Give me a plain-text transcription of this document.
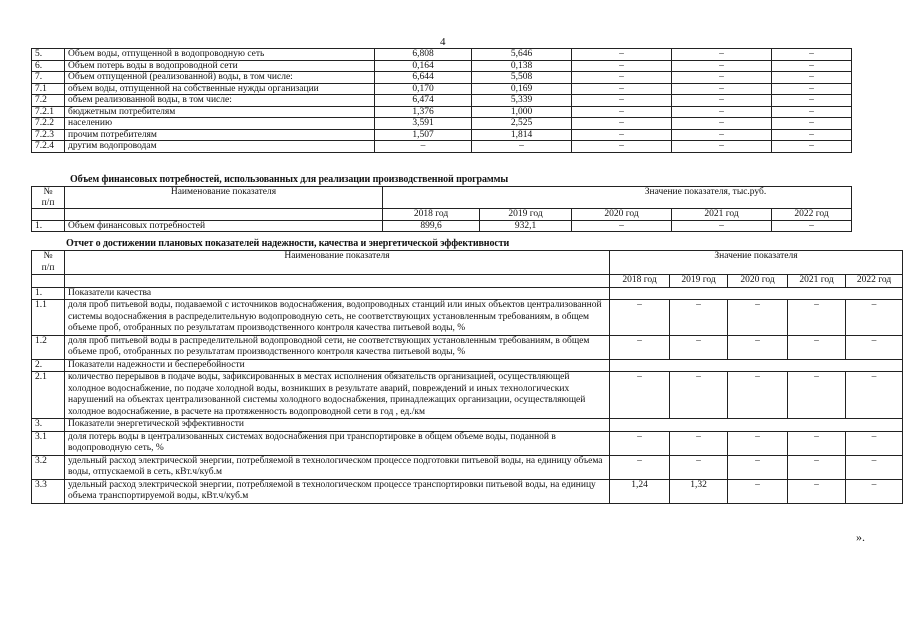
4
5.	Объем воды, отпущенной в водопроводную сеть	6,808	5,646	–	–	–
6.	Объем потерь воды в водопроводной сети	0,164	0,138	–	–	–
7.	Объем отпущенной (реализованной) воды, в том числе:	6,644	5,508	–	–	–
7.1	объем воды, отпущенной на собственные нужды организации	0,170	0,169	–	–	–
7.2	объем реализованной воды, в том числе:	6,474	5,339	–	–	–
7.2.1	бюджетным потребителям	1,376	1,000	–	–	–
7.2.2	населению	3,591	2,525	–	–	–
7.2.3	прочим потребителям	1,507	1,814	–	–	–
7.2.4	другим водопроводам	–	–	–	–	–
Объем финансовых потребностей, использованных для реализации производственной программы
№
п/п	Наименование показателя	Значение показателя, тыс.руб.				
		2018 год	2019 год	2020 год	2021 год	2022 год
1.	Объем финансовых потребностей	899,6	932,1	–	–	–
Отчет о достижении плановых показателей надежности, качества и энергетической эффективности
№
п/п	Наименование показателя	Значение показателя				
		2018 год	2019 год	2020 год	2021 год	2022 год
1.	Показатели качества					
1.1	доля проб питьевой воды, подаваемой с источников водоснабжения, водопроводных станций или иных объектов централизованной системы водоснабжения в распределительную водопроводную сеть, не соответствующих установленным требованиям, в общем объеме проб, отобранных по результатам производственного контроля качества питьевой воды, %	–	–	–	–	–
1.2	доля проб питьевой воды в распределительной водопроводной сети, не соответствующих установленным требованиям, в общем объеме проб, отобранных по результатам производственного контроля качества питьевой воды, %	–	–	–	–	–
2.	Показатели надежности и бесперебойности					
2.1	количество перерывов в подаче воды, зафиксированных в местах исполнения обязательств организацией, осуществляющей холодное водоснабжение, по подаче холодной воды, возникших в результате аварий, повреждений и иных технологических нарушений на объектах централизованной системы холодного водоснабжения, принадлежащих организации, осуществляющей холодное водоснабжение, в расчете на протяженность водопроводной сети в год , ед./км	–	–	–	–	–
3.	Показатели энергетической эффективности					
3.1	доля потерь воды в централизованных системах водоснабжения при транспортировке в общем объеме воды, поданной в водопроводную сеть, %	–	–	–	–	–
3.2	удельный расход электрической энергии, потребляемой в технологическом процессе подготовки питьевой воды, на единицу объема воды, отпускаемой в сеть, кВт.ч/куб.м	–	–	–	–	–
3.3	удельный расход электрической энергии, потребляемой в технологическом процессе транспортировки питьевой воды, на единицу объема транспортируемой воды, кВт.ч/куб.м	1,24	1,32	–	–	–
».
